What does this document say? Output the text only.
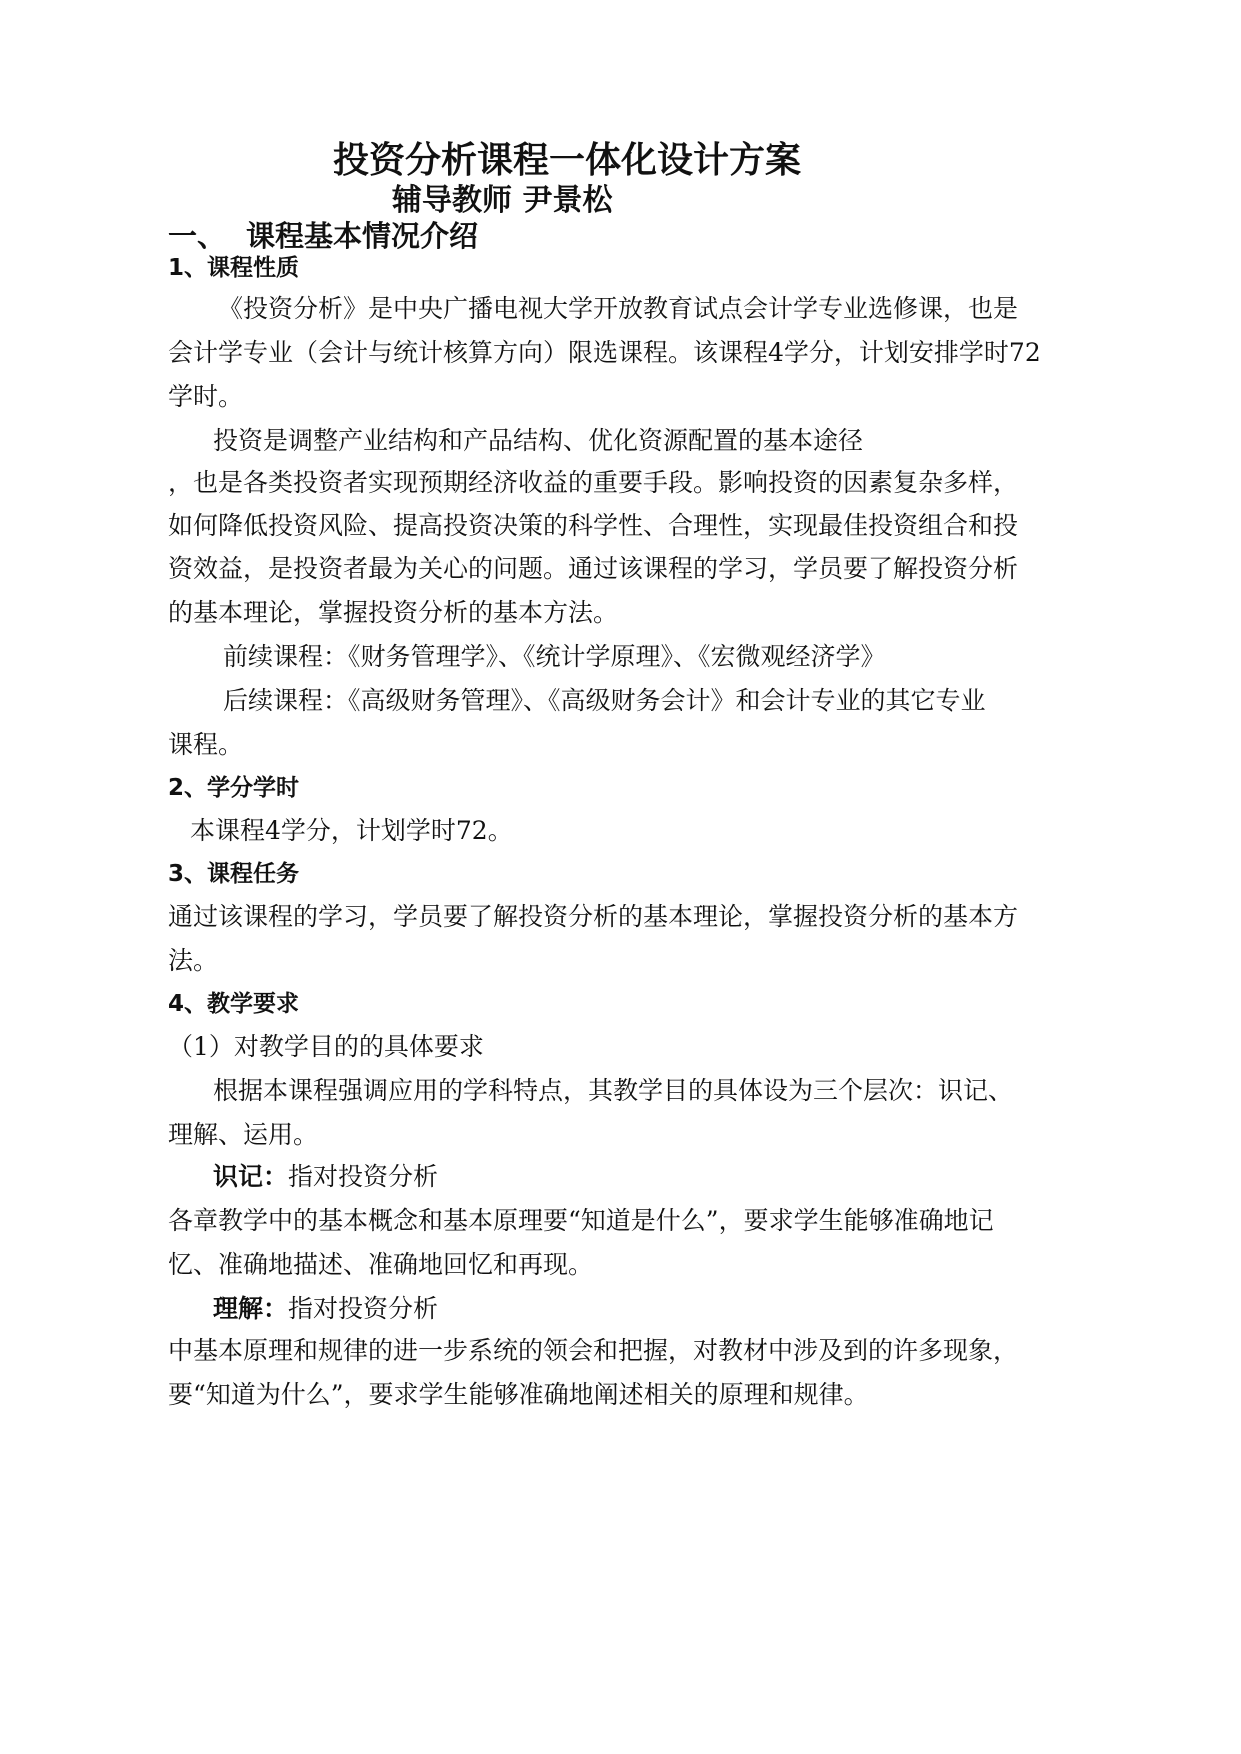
投资分析课程一体化设计方案
辅导教师 尹景松
一、 课程基本情况介绍
1、课程性质
《投资分析》是中央广播电视大学开放教育试点会计学专业选修课，也是
会计学专业（会计与统计核算方向）限选课程。该课程4学分，计划安排学时72
学时。
投资是调整产业结构和产品结构、优化资源配置的基本途径
，也是各类投资者实现预期经济收益的重要手段。影响投资的因素复杂多样，
如何降低投资风险、提高投资决策的科学性、合理性，实现最佳投资组合和投
资效益，是投资者最为关心的问题。通过该课程的学习，学员要了解投资分析
的基本理论，掌握投资分析的基本方法。
前续课程：《财务管理学》、《统计学原理》、《宏微观经济学》
后续课程：《高级财务管理》、《高级财务会计》和会计专业的其它专业
课程。
2、学分学时
本课程4学分，计划学时72。
3、课程任务
通过该课程的学习，学员要了解投资分析的基本理论，掌握投资分析的基本方
法。
4、教学要求
（1）对教学目的的具体要求
根据本课程强调应用的学科特点，其教学目的具体设为三个层次：识记、
理解、运用。
识记：指对投资分析
各章教学中的基本概念和基本原理要“知道是什么”，要求学生能够准确地记
忆、准确地描述、准确地回忆和再现。
理解：指对投资分析
中基本原理和规律的进一步系统的领会和把握，对教材中涉及到的许多现象，
要“知道为什么”，要求学生能够准确地阐述相关的原理和规律。
